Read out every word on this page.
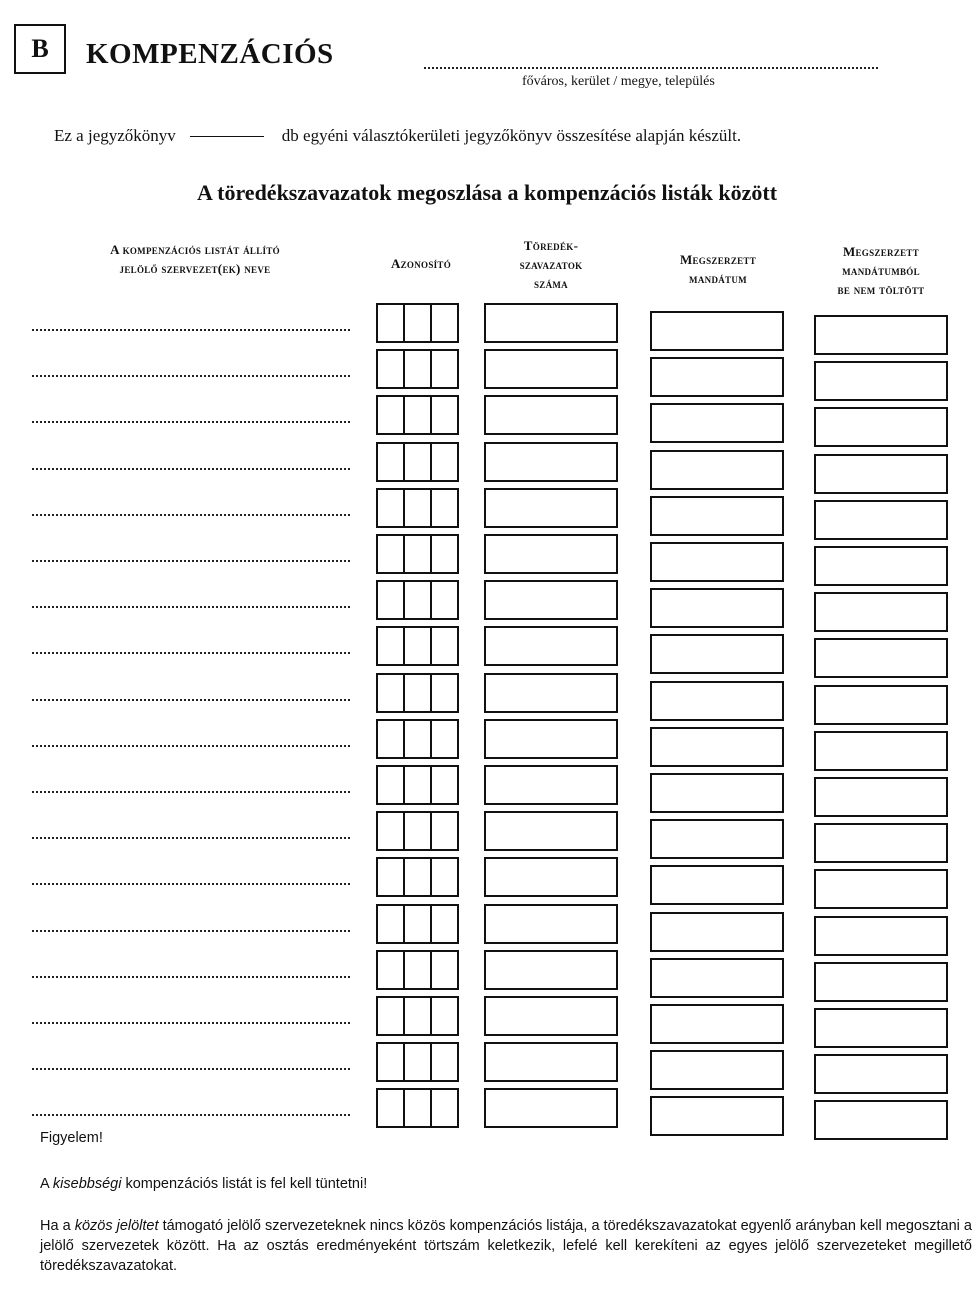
B KOMPENZÁCIÓS
főváros, kerület / megye, település
Ez a jegyzőkönyv	db egyéni választókerületi jegyzőkönyv összesítése alapján készült.
A töredékszavazatok megoszlása a kompenzációs listák között
A kompenzációs listát állító
jelölő szervezet(ek) neve	Azonosító
Töredék-
szavazatok
száma
Megszerzett
mandátum
Megszerzett
mandátumból
be nem töltött
Figyelem!
A kisebbségi kompenzációs listát is fel kell tüntetni!
Ha a közös jelöltet támogató jelölő szervezeteknek nincs közös kompenzációs listája, a töredékszavazatokat egyenlő arányban kell megosztani a jelölő szervezetek között. Ha az osztás eredményeként törtszám keletkezik, lefelé kell kerekíteni az egyes jelölő szervezeteket megillető töredékszavazatokat.
